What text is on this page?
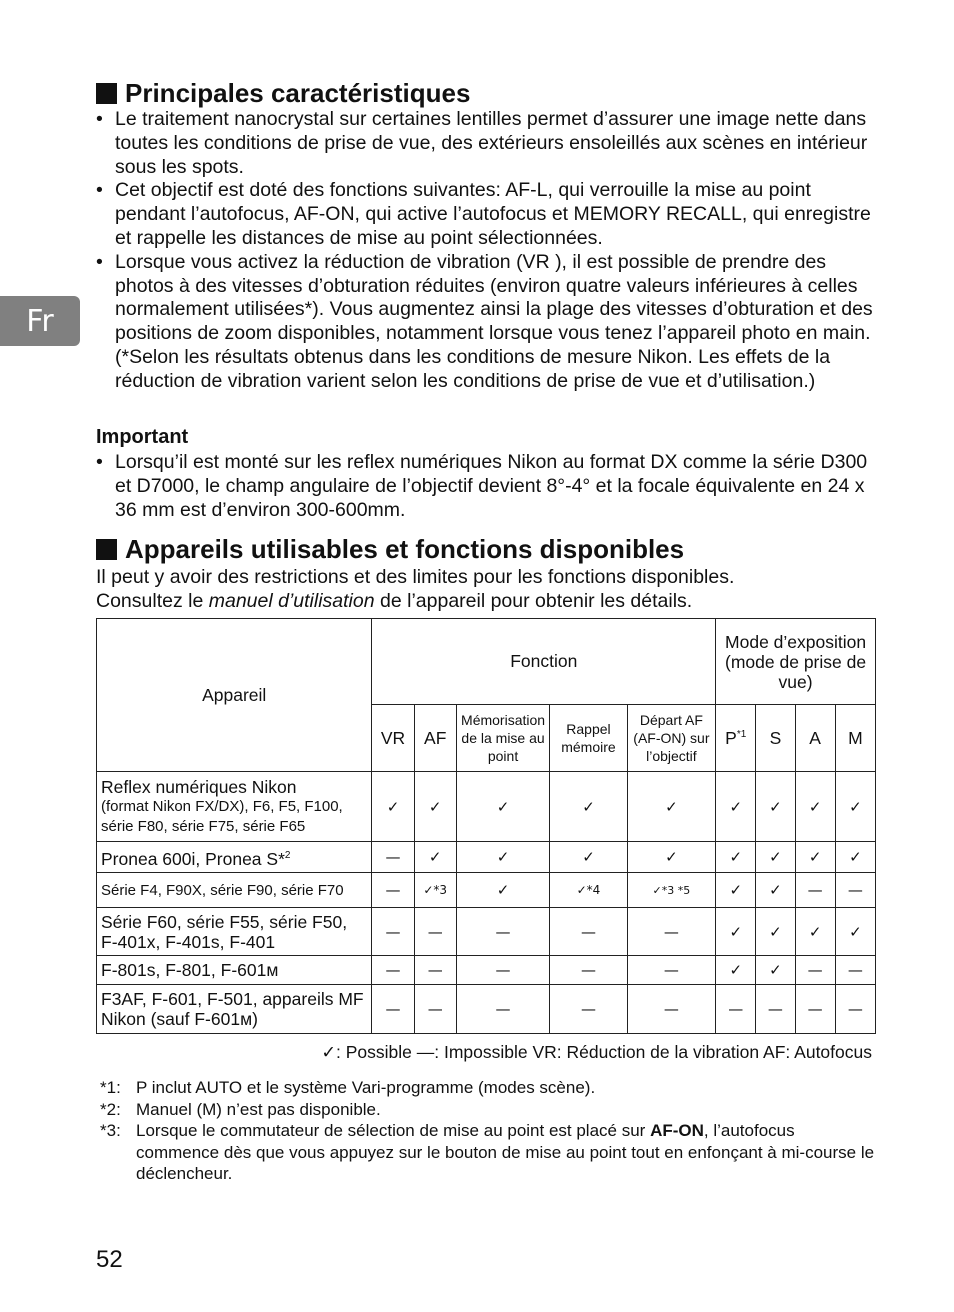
Fr
Principales caractéristiques
• Le traitement nanocrystal sur certaines lentilles permet d’assurer une image nette dans toutes les conditions de prise de vue, des extérieurs ensoleillés aux scènes en intérieur sous les spots.
• Cet objectif est doté des fonctions suivantes: AF-L, qui verrouille la mise au point pendant l’autofocus, AF-ON, qui active l’autofocus et MEMORY RECALL, qui enregistre et rappelle les distances de mise au point sélectionnées.
• Lorsque vous activez la réduction de vibration (VR ), il est possible de prendre des photos à des vitesses d’obturation réduites (environ quatre valeurs inférieures à celles normalement utilisées*). Vous augmentez ainsi la plage des vitesses d’obturation et des positions de zoom disponibles, notamment lorsque vous tenez l’appareil photo en main. (*Selon les résultats obtenus dans les conditions de mesure Nikon. Les effets de la réduction de vibration varient selon les conditions de prise de vue et d’utilisation.)
Important
• Lorsqu’il est monté sur les reflex numériques Nikon au format DX comme la série D300 et D7000, le champ angulaire de l’objectif devient 8°-4° et la focale équivalente en 24 x 36 mm est d’environ 300-600mm.
Appareils utilisables et fonctions disponibles
Il peut y avoir des restrictions et des limites pour les fonctions disponibles.
Consultez le manuel d’utilisation de l’appareil pour obtenir les détails.
Appareil	Fonction					Mode d’exposition (mode de prise de vue)			
	VR	AF	Mémorisation de la mise au point	Rappel mémoire	Départ AF (AF-ON) sur l’objectif	$P^{*1}$	S	A	M

Reflex numériques Nikon
(format Nikon FX/DX), F6, F5, F100, série F80, série F75, série F65	✓	✓	✓	✓	✓	✓	✓	✓	✓
Pronea 600i, Pronea S*$^2$	—	✓	✓	✓	✓	✓	✓	✓	✓
Série F4, F90X, série F90, série F70	—	✓*3	✓	✓*4	✓*3 *5	✓	✓	—	—
Série F60, série F55, série F50, F-401x, F-401s, F-401	—	—	—	—	—	✓	✓	✓	✓
F-801s, F-801, F-601м	—	—	—	—	—	✓	✓	—	—
F3AF, F-601, F-501, appareils MF Nikon (sauf F-601м)	—	—	—	—	—	—	—	—	—
✓: Possible —: Impossible VR: Réduction de la vibration AF: Autofocus
*1: P inclut AUTO et le système Vari-programme (modes scène).
*2: Manuel (M) n’est pas disponible.
*3: Lorsque le commutateur de sélection de mise au point est placé sur AF-ON, l’autofocus commence dès que vous appuyez sur le bouton de mise au point tout en enfonçant à mi-course le déclencheur.
52
